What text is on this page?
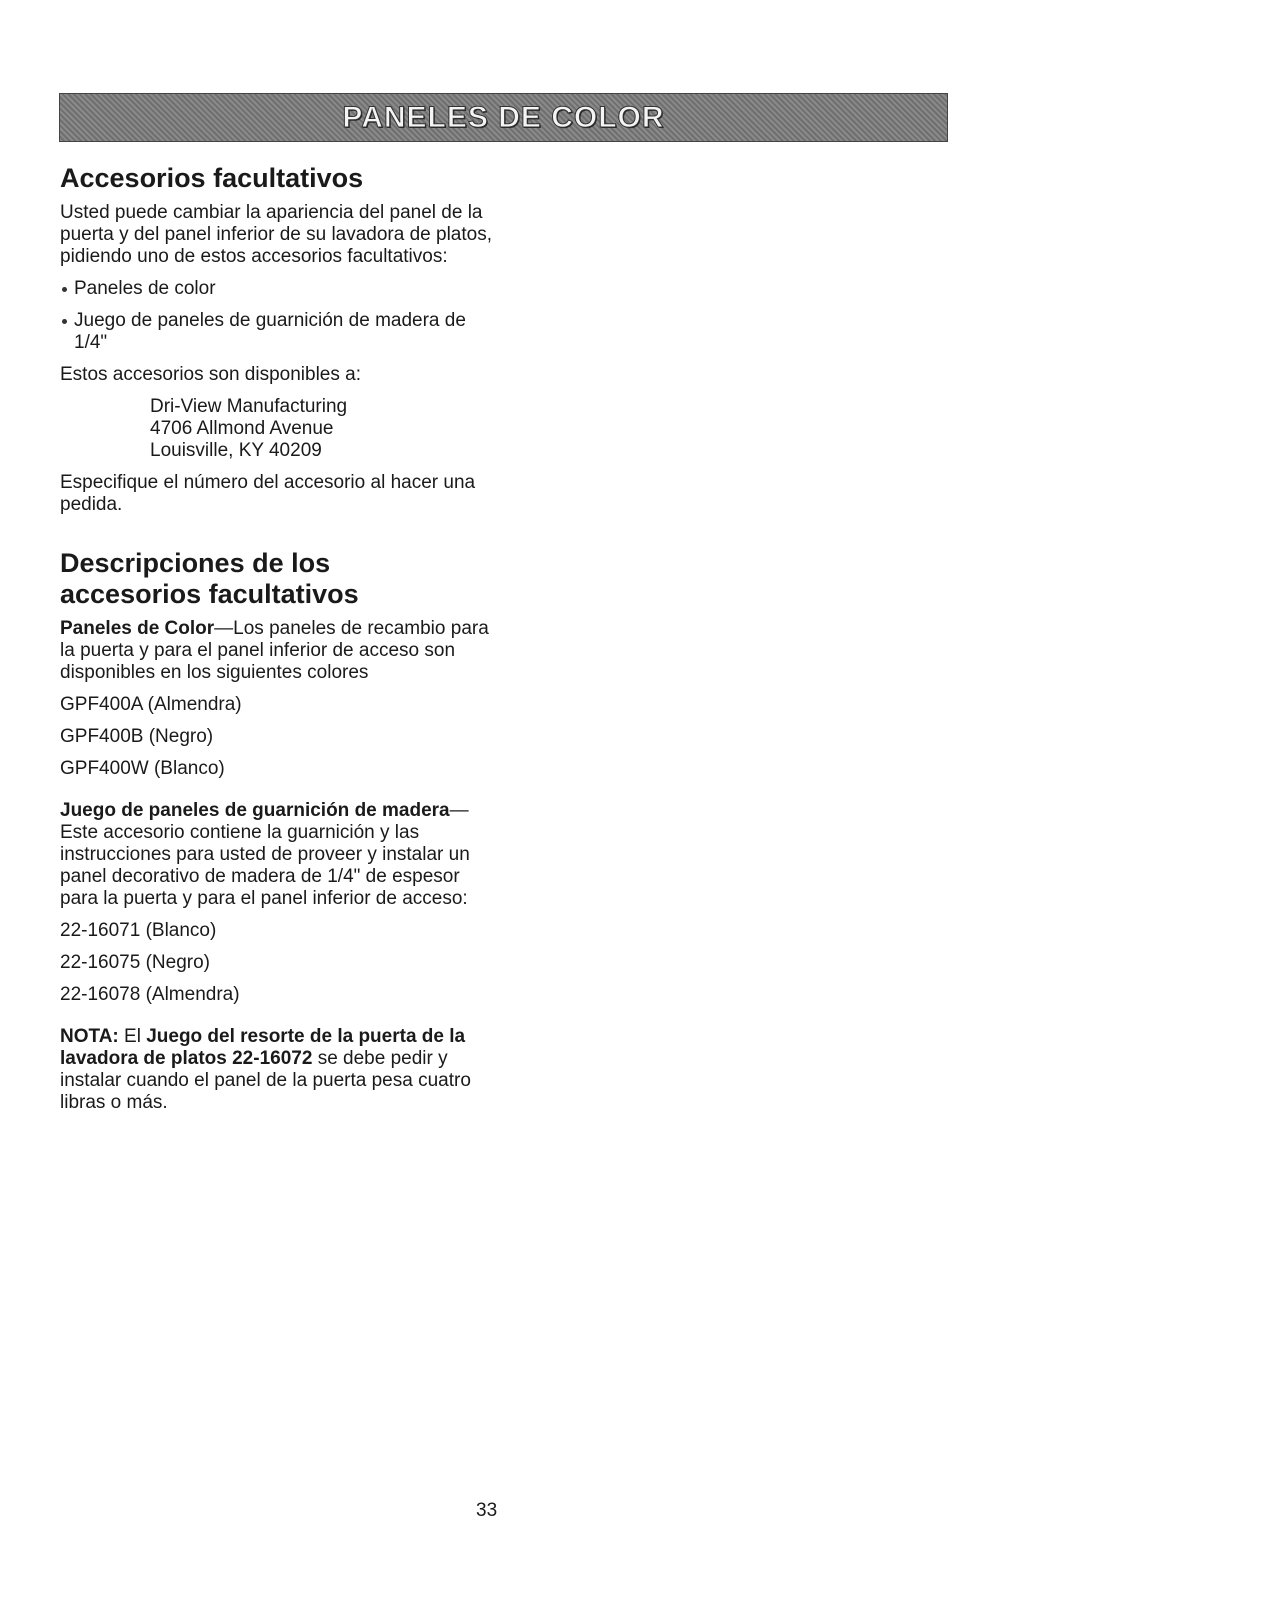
PANELES DE COLOR
Accesorios facultativos

Usted puede cambiar la apariencia del panel de la puerta y del panel inferior de su lavadora de platos, pidiendo uno de estos accesorios facultativos:

Paneles de color

Juego de paneles de guarnición de madera de 1/4"

Estos accesorios son disponibles a:

Dri-View Manufacturing
4706 Allmond Avenue
Louisville, KY 40209

Especifique el número del accesorio al hacer una pedida.

Descripciones de los
accesorios facultativos

Paneles de Color—Los paneles de recambio para la puerta y para el panel inferior de acceso son disponibles en los siguientes colores

GPF400A (Almendra)

GPF400B (Negro)

GPF400W (Blanco)

Juego de paneles de guarnición de madera—Este accesorio contiene la guarnición y las instrucciones para usted de proveer y instalar un panel decorativo de madera de 1/4" de espesor para la puerta y para el panel inferior de acceso:

22-16071 (Blanco)

22-16075 (Negro)

22-16078 (Almendra)

NOTA: El Juego del resorte de la puerta de la lavadora de platos 22-16072 se debe pedir y instalar cuando el panel de la puerta pesa cuatro libras o más.

33
